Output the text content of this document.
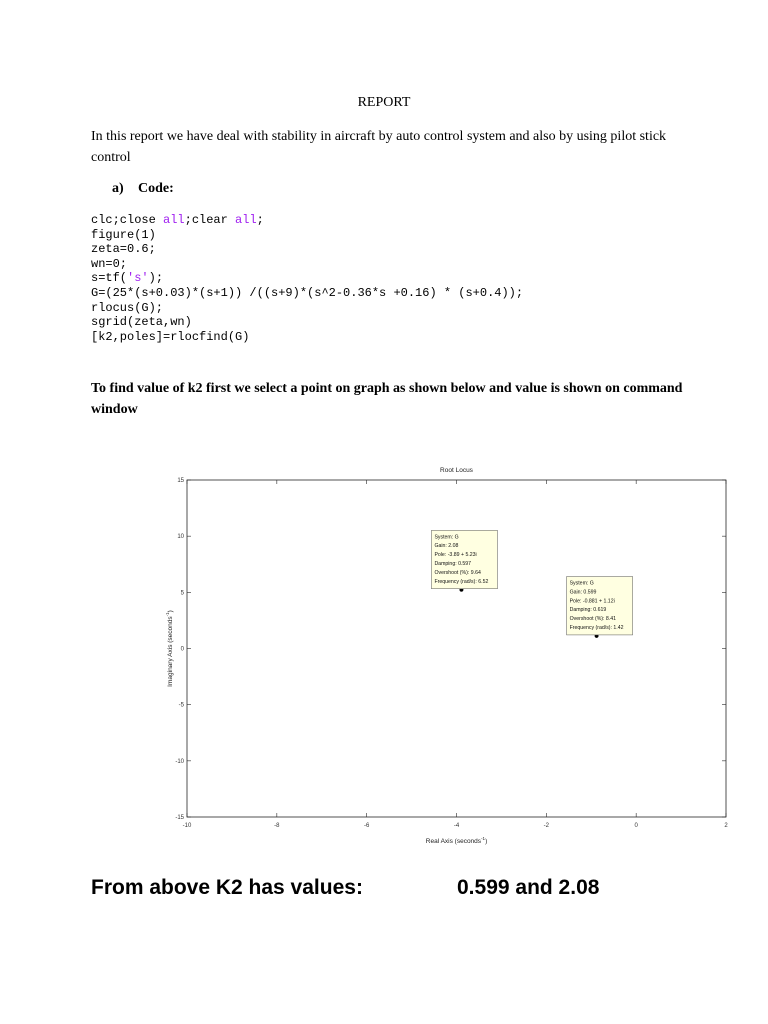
REPORT
In this report we have deal with stability in aircraft by auto control system and also by using pilot stick control
a) Code:
clc;close all;clear all;
figure(1)
zeta=0.6;
wn=0;
s=tf('s');
G=(25*(s+0.03)*(s+1)) /((s+9)*(s^2-0.36*s +0.16) * (s+0.4));
rlocus(G);
sgrid(zeta,wn)
[k2,poles]=rlocfind(G)
To find value of k2 first we select a point on graph as shown below and value is shown on command window
Root Locus
-10	-8	-6	-4	-2	0	2
-15
-10
-5
0
5
10
15
Real Axis (seconds$^{-1}$)
Imaginary Axis (seconds$^{-1}$)
System: G
Gain: 2.08
Pole: -3.89 + 5.23i
Damping: 0.597
Overshoot (%): 9.64
Frequency (rad/s): 6.52	System: G
Gain: 0.599
Pole: -0.881 + 1.12i
Damping: 0.619
Overshoot (%): 8.41
Frequency (rad/s): 1.42
From above K2 has values:	0.599 and 2.08
